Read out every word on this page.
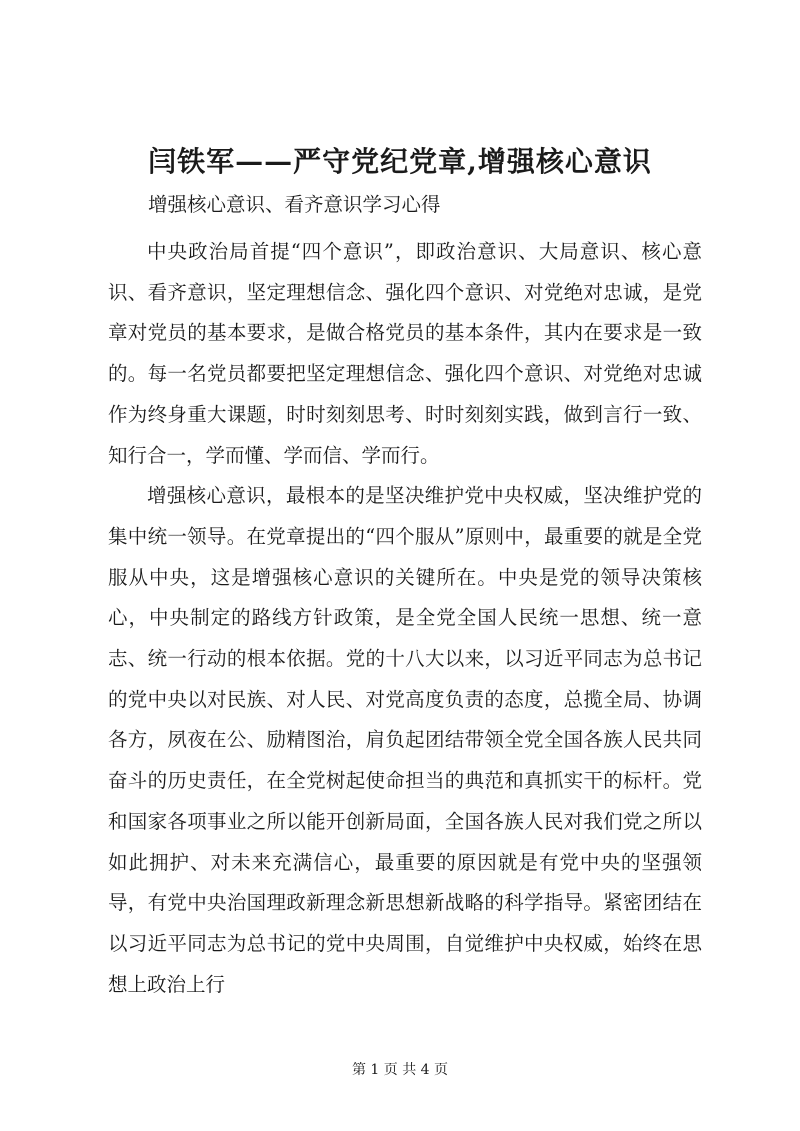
闫铁军——严守党纪党章,增强核心意识
增强核心意识、看齐意识学习心得

中央政治局首提“四个意识”，即政治意识、大局意识、核心意识、看齐意识，坚定理想信念、强化四个意识、对党绝对忠诚，是党章对党员的基本要求，是做合格党员的基本条件，其内在要求是一致的。每一名党员都要把坚定理想信念、强化四个意识、对党绝对忠诚作为终身重大课题，时时刻刻思考、时时刻刻实践，做到言行一致、知行合一，学而懂、学而信、学而行。

增强核心意识，最根本的是坚决维护党中央权威，坚决维护党的集中统一领导。在党章提出的“四个服从”原则中，最重要的就是全党服从中央，这是增强核心意识的关键所在。中央是党的领导决策核心，中央制定的路线方针政策，是全党全国人民统一思想、统一意志、统一行动的根本依据。党的十八大以来，以习近平同志为总书记的党中央以对民族、对人民、对党高度负责的态度，总揽全局、协调各方，夙夜在公、励精图治，肩负起团结带领全党全国各族人民共同奋斗的历史责任，在全党树起使命担当的典范和真抓实干的标杆。党和国家各项事业之所以能开创新局面，全国各族人民对我们党之所以如此拥护、对未来充满信心，最重要的原因就是有党中央的坚强领导，有党中央治国理政新理念新思想新战略的科学指导。紧密团结在以习近平同志为总书记的党中央周围，自觉维护中央权威，始终在思想上政治上行

第 1 页 共 4 页
